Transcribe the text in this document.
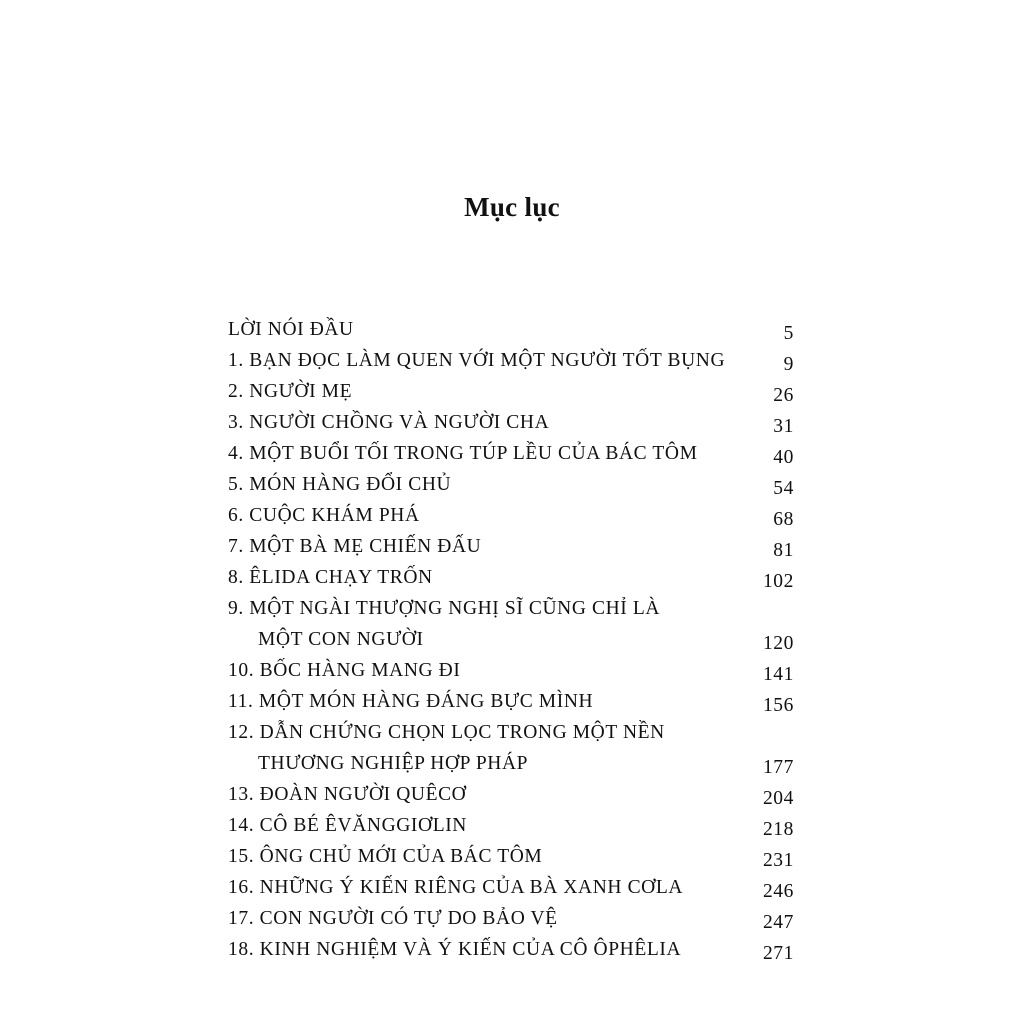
Mục lục
LỜI NÓI ĐẦU	5
1. BẠN ĐỌC LÀM QUEN VỚI MỘT NGƯỜI TỐT BỤNG	9
2. NGƯỜI MẸ	26
3. NGƯỜI CHỒNG VÀ NGƯỜI CHA	31
4. MỘT BUỔI TỐI TRONG TÚP LỀU CỦA BÁC TÔM	40
5. MÓN HÀNG ĐỔI CHỦ	54
6. CUỘC KHÁM PHÁ	68
7. MỘT BÀ MẸ CHIẾN ĐẤU	81
8. ÊLIDA CHẠY TRỐN	102
9. MỘT NGÀI THƯỢNG NGHỊ SĨ CŨNG CHỈ LÀ
MỘT CON NGƯỜI	120
10. BỐC HÀNG MANG ĐI	141
11. MỘT MÓN HÀNG ĐÁNG BỰC MÌNH	156
12. DẪN CHỨNG CHỌN LỌC TRONG MỘT NỀN
THƯƠNG NGHIỆP HỢP PHÁP	177
13. ĐOÀN NGƯỜI QUÊCƠ	204
14. CÔ BÉ ÊVĂNGGIƠLIN	218
15. ÔNG CHỦ MỚI CỦA BÁC TÔM	231
16. NHỮNG Ý KIẾN RIÊNG CỦA BÀ XANH CƠLA	246
17. CON NGƯỜI CÓ TỰ DO BẢO VỆ	247
18. KINH NGHIỆM VÀ Ý KIẾN CỦA CÔ ÔPHÊLIA	271
